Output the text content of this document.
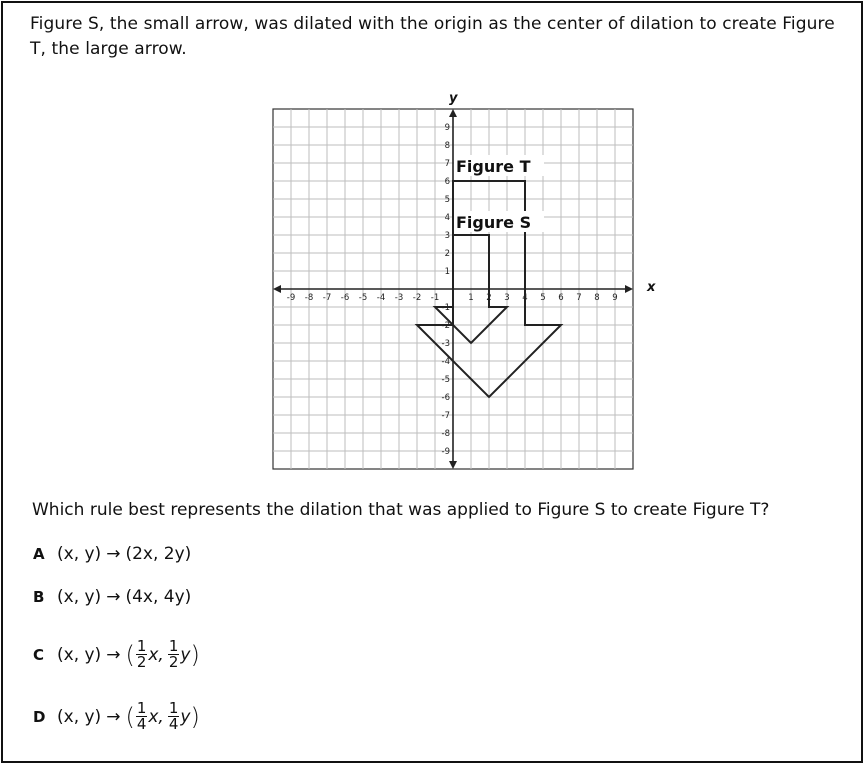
Figure S, the small arrow, was dilated with the origin as the center of dilation to create Figure T, the large arrow.

-9 -8 -7 -6 -5 -4 -3 -2 -1	1 2 3 4 5 6 7 8 9
9
8
7
6
5
4
3
2
1
-1
-2
-3
-4
-5
-6
-7
-8
-9
x
y
Figure T
Figure S

Which rule best represents the dilation that was applied to Figure S to create Figure T?

A (x, y) → (2x, 2y)
B (x, y) → (4x, 4y)
C (x, y) → ( $\frac{1}{2} x$, $\frac{1}{2}$ y )
D (x, y) → ( $\frac{1}{4} x$, $\frac{1}{4}$ y )
